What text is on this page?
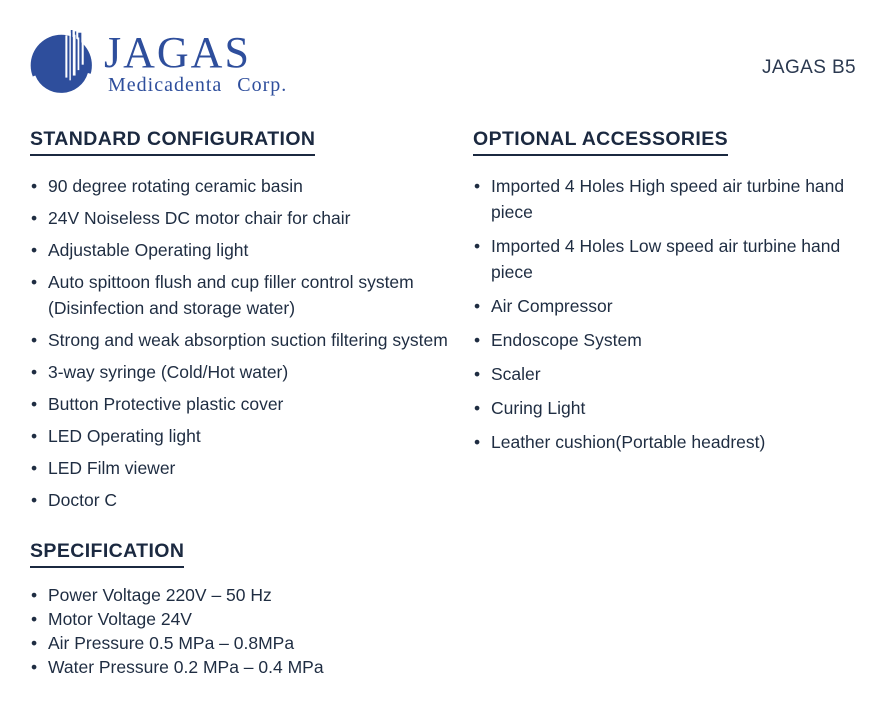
JAGAS
Medicadenta Corp.
JAGAS B5
STANDARD CONFIGURATION
• 90 degree rotating ceramic basin
• 24V Noiseless DC motor chair for chair
• Adjustable Operating light
• Auto spittoon flush and cup filler control system (Disinfection and storage water)
• Strong and weak absorption suction filtering system
• 3-way syringe (Cold/Hot water)
• Button Protective plastic cover
• LED Operating light
• LED Film viewer
• Doctor C
SPECIFICATION
• Power Voltage 220V – 50 Hz
• Motor Voltage 24V
• Air Pressure 0.5 MPa – 0.8MPa
• Water Pressure 0.2 MPa – 0.4 MPa
OPTIONAL ACCESSORIES
• Imported 4 Holes High speed air turbine hand piece
• Imported 4 Holes Low speed air turbine hand piece
• Air Compressor
• Endoscope System
• Scaler
• Curing Light
• Leather cushion(Portable headrest)
